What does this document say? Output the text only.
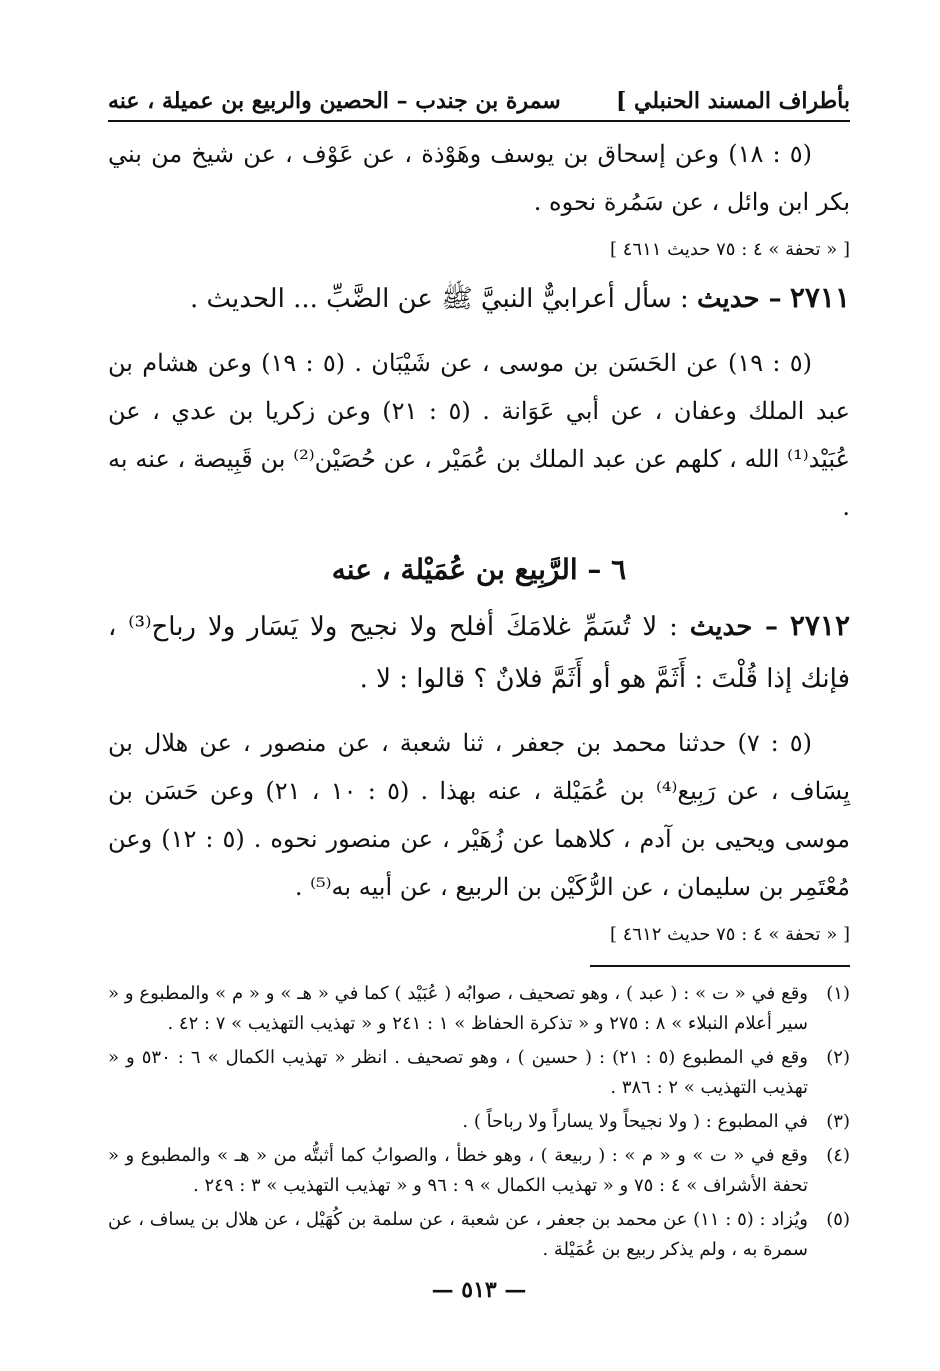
بأطراف المسند الحنبلي ]
سمرة بن جندب – الحصين والربيع بن عميلة ، عنه

(٥ : ١٨) وعن إسحاق بن يوسف وهَوْذة ، عن عَوْف ، عن شيخ من بني بكر ابن وائل ، عن سَمُرة نحوه .

[ « تحفة » ٤ : ٧٥ حديث ٤٦١١ ]

٢٧١١ – حديث : سأل أعرابيٌّ النبيَّ ﷺ عن الضَّبِّ ... الحديث .

(٥ : ١٩) عن الحَسَن بن موسى ، عن شَيْبَان . (٥ : ١٩) وعن هشام بن عبد الملك وعفان ، عن أبي عَوَانة . (٥ : ٢١) وعن زكريا بن عدي ، عن عُبَيْد⁽¹⁾ الله ، كلهم عن عبد الملك بن عُمَيْر ، عن حُصَيْن⁽²⁾ بن قَبِيصة ، عنه به .

٦ – الرَّبِيع بن عُمَيْلة ، عنه

٢٧١٢ – حديث : لا تُسَمِّ غلامَكَ أفلح ولا نجيح ولا يَسَار ولا رباح⁽³⁾ ، فإنك إذا قُلْتَ : أَثَمَّ هو أو أَثَمَّ فلانٌ ؟ قالوا : لا .

(٥ : ٧) حدثنا محمد بن جعفر ، ثنا شعبة ، عن منصور ، عن هلال بن يِسَاف ، عن رَبِيع⁽⁴⁾ بن عُمَيْلة ، عنه بهذا . (٥ : ١٠ ، ٢١) وعن حَسَن بن موسى ويحيى بن آدم ، كلاهما عن زُهَيْر ، عن منصور نحوه . (٥ : ١٢) وعن مُعْتَمِر بن سليمان ، عن الرُّكَيْن بن الربيع ، عن أبيه به⁽⁵⁾ .

[ « تحفة » ٤ : ٧٥ حديث ٤٦١٢ ]

(١)
وقع في « ت » : ( عبد ) ، وهو تصحيف ، صوابُه ( عُبَيْد ) كما في « هـ » و « م » والمطبوع و « سير أعلام النبلاء » ٨ : ٢٧٥ و « تذكرة الحفاظ » ١ : ٢٤١ و « تهذيب التهذيب » ٧ : ٤٢ .
(٢)
وقع في المطبوع (٥ : ٢١) : ( حسين ) ، وهو تصحيف . انظر « تهذيب الكمال » ٦ : ٥٣٠ و « تهذيب التهذيب » ٢ : ٣٨٦ .
(٣)
في المطبوع : ( ولا نجيحاً ولا يساراً ولا رباحاً ) .
(٤)
وقع في « ت » و « م » : ( ربيعة ) ، وهو خطأ ، والصوابُ كما أثبتُّه من « هـ » والمطبوع و « تحفة الأشراف » ٤ : ٧٥ و « تهذيب الكمال » ٩ : ٩٦ و « تهذيب التهذيب » ٣ : ٢٤٩ .
(٥)
ويُزاد : (٥ : ١١) عن محمد بن جعفر ، عن شعبة ، عن سلمة بن كُهَيْل ، عن هلال بن يساف ، عن سمرة به ، ولم يذكر ربيع بن عُمَيْلة .
— ٥١٣ —
